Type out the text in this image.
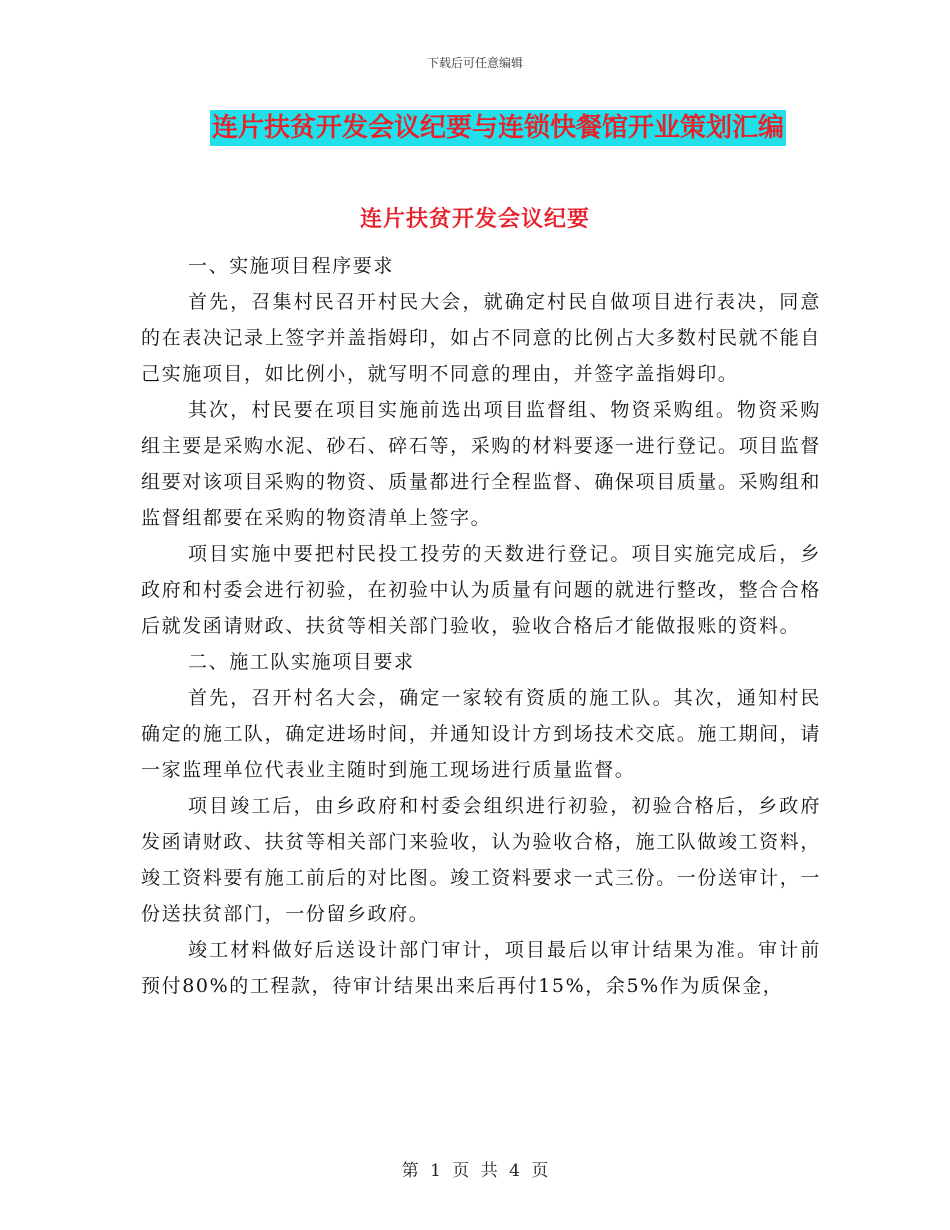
下载后可任意编辑
连片扶贫开发会议纪要与连锁快餐馆开业策划汇编
连片扶贫开发会议纪要

一、实施项目程序要求

首先，召集村民召开村民大会，就确定村民自做项目进行表决，同意的在表决记录上签字并盖指姆印，如占不同意的比例占大多数村民就不能自己实施项目，如比例小，就写明不同意的理由，并签字盖指姆印。

其次，村民要在项目实施前选出项目监督组、物资采购组。物资采购组主要是采购水泥、砂石、碎石等，采购的材料要逐一进行登记。项目监督组要对该项目采购的物资、质量都进行全程监督、确保项目质量。采购组和监督组都要在采购的物资清单上签字。

项目实施中要把村民投工投劳的天数进行登记。项目实施完成后，乡政府和村委会进行初验，在初验中认为质量有问题的就进行整改，整合合格后就发函请财政、扶贫等相关部门验收，验收合格后才能做报账的资料。

二、施工队实施项目要求

首先，召开村名大会，确定一家较有资质的施工队。其次，通知村民确定的施工队，确定进场时间，并通知设计方到场技术交底。施工期间，请一家监理单位代表业主随时到施工现场进行质量监督。

项目竣工后，由乡政府和村委会组织进行初验，初验合格后，乡政府发函请财政、扶贫等相关部门来验收，认为验收合格，施工队做竣工资料，竣工资料要有施工前后的对比图。竣工资料要求一式三份。一份送审计，一份送扶贫部门，一份留乡政府。

竣工材料做好后送设计部门审计，项目最后以审计结果为准。审计前预付80%的工程款，待审计结果出来后再付15%，余5%作为质保金，

第 1 页 共 4 页
